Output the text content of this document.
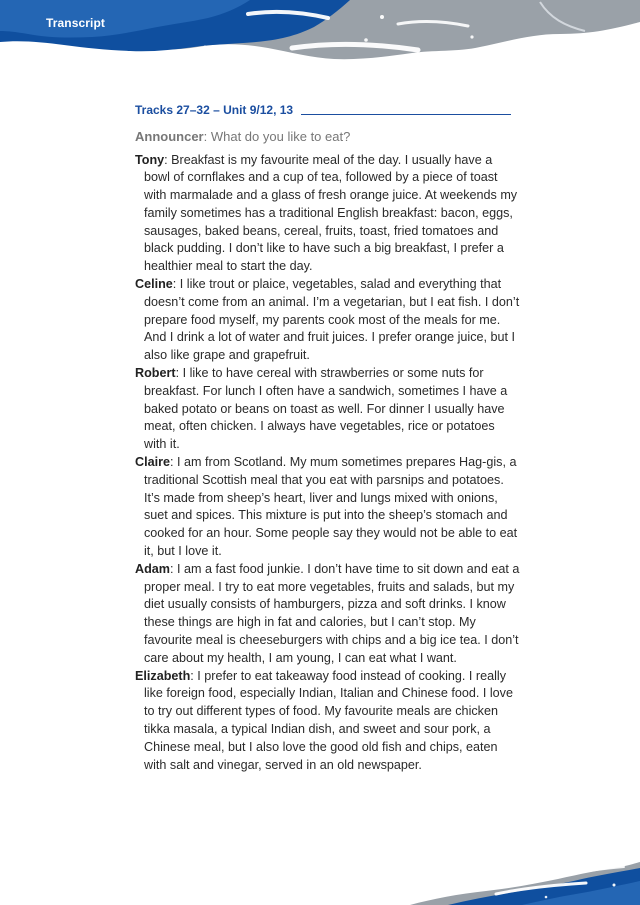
Transcript
Tracks 27–32 – Unit 9/12, 13
Announcer: What do you like to eat?

Tony: Breakfast is my favourite meal of the day. I usually have a bowl of cornflakes and a cup of tea, followed by a piece of toast with marmalade and a glass of fresh orange juice. At weekends my family sometimes has a traditional English breakfast: bacon, eggs, sausages, baked beans, cereal, fruits, toast, fried tomatoes and black pudding. I don’t like to have such a big breakfast, I prefer a healthier meal to start the day.

Celine: I like trout or plaice, vegetables, salad and everything that doesn’t come from an animal. I’m a vegetarian, but I eat fish. I don’t prepare food myself, my parents cook most of the meals for me. And I drink a lot of water and fruit juices. I prefer orange juice, but I also like grape and grapefruit.

Robert: I like to have cereal with strawberries or some nuts for breakfast. For lunch I often have a sandwich, sometimes I have a baked potato or beans on toast as well. For dinner I usually have meat, often chicken. I always have vegetables, rice or potatoes with it.

Claire: I am from Scotland. My mum sometimes prepares Hag-gis, a traditional Scottish meal that you eat with parsnips and potatoes. It’s made from sheep’s heart, liver and lungs mixed with onions, suet and spices. This mixture is put into the sheep’s stomach and cooked for an hour. Some people say they would not be able to eat it, but I love it.

Adam: I am a fast food junkie. I don’t have time to sit down and eat a proper meal. I try to eat more vegetables, fruits and salads, but my diet usually consists of hamburgers, pizza and soft drinks. I know these things are high in fat and calories, but I can’t stop. My favourite meal is cheeseburgers with chips and a big ice tea. I don’t care about my health, I am young, I can eat what I want.

Elizabeth: I prefer to eat takeaway food instead of cooking. I really like foreign food, especially Indian, Italian and Chinese food. I love to try out different types of food. My favourite meals are chicken tikka masala, a typical Indian dish, and sweet and sour pork, a Chinese meal, but I also love the good old fish and chips, eaten with salt and vinegar, served in an old newspaper.
